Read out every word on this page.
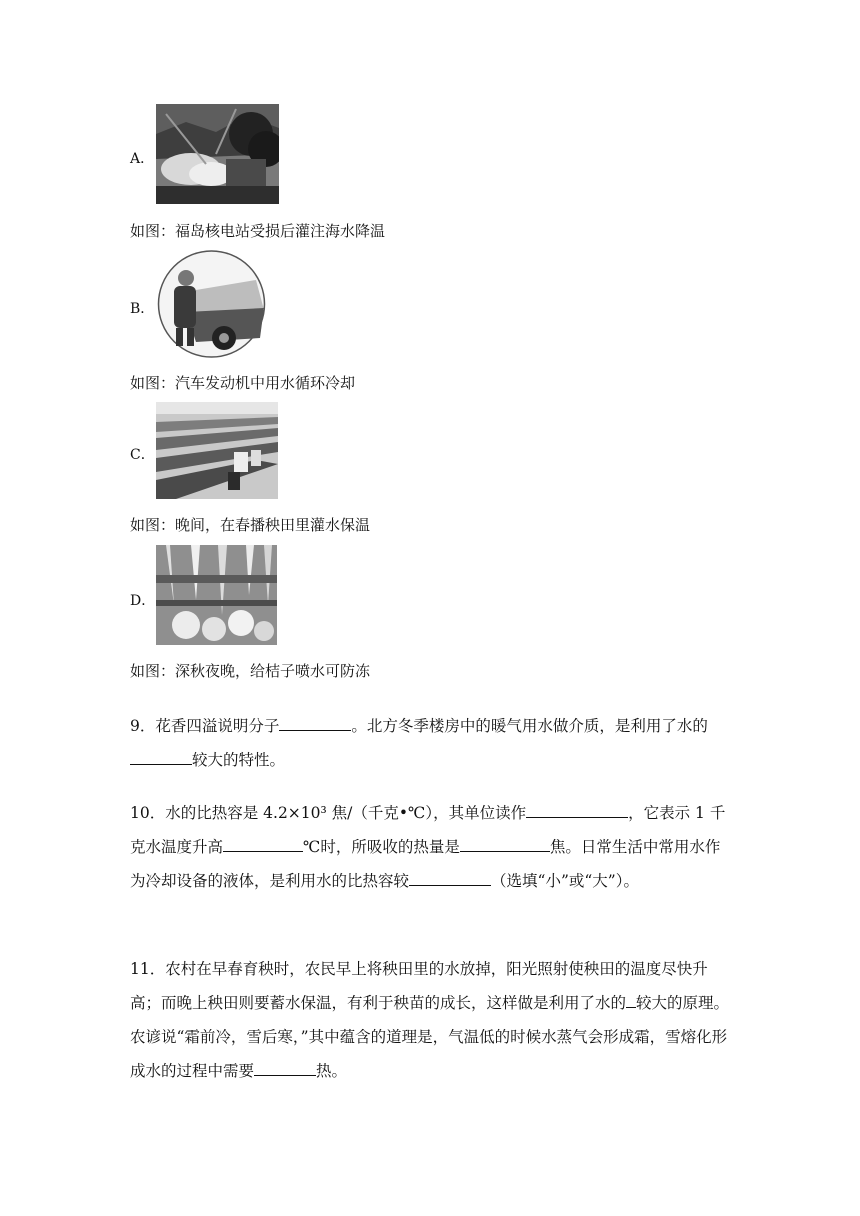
A．
如图：福岛核电站受损后灌注海水降温
B．
如图：汽车发动机中用水循环冷却
C．
如图：晚间，在春播秧田里灌水保温
D．
如图：深秋夜晚，给桔子喷水可防冻
9．花香四溢说明分子	。北方冬季楼房中的暖气用水做介质，是利用了水的较大的特性。
10．水的比热容是 4.2×10³ 焦/（千克•℃），其单位读作	，它表示 1 千克水温度升高	℃时，所吸收的热量是	焦。日常生活中常用水作为冷却设备的液体，是利用水的比热容较	（选填“小”或“大”）。
11．农村在早春育秧时，农民早上将秧田里的水放掉，阳光照射使秧田的温度尽快升高；而晚上秧田则要蓄水保温，有利于秧苗的成长，这样做是利用了水的 较大的原理。农谚说“霜前冷，雪后寒，”其中蕴含的道理是，气温低的时候水蒸气会形成霜，雪熔化形成水的过程中需要	热。
